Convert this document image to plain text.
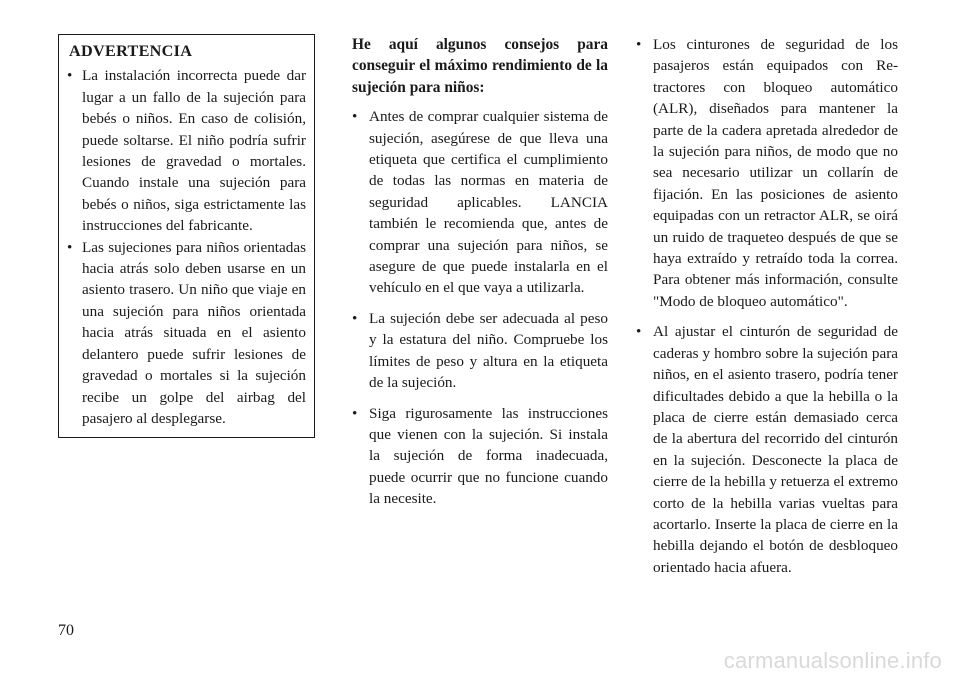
ADVERTENCIA
• La instalación incorrecta puede dar lugar a un fallo de la sujeción para bebés o niños. En caso de colisión, puede soltarse. El niño podría sufrir lesiones de gravedad o mortales. Cuando instale una sujeción para bebés o niños, siga estrictamente las instrucciones del fabricante.
• Las sujeciones para niños orientadas hacia atrás solo deben usarse en un asiento trasero. Un niño que viaje en una sujeción para niños orientada hacia atrás situada en el asiento delantero puede sufrir lesiones de gravedad o mortales si la sujeción recibe un golpe del airbag del pasajero al desplegarse.
He aquí algunos consejos para conseguir el máximo rendimiento de la sujeción para niños:
• Antes de comprar cualquier sistema de sujeción, asegúrese de que lleva una etiqueta que certifica el cumplimiento de todas las normas en materia de seguridad aplicables. LANCIA también le recomienda que, antes de comprar una sujeción para niños, se asegure de que puede instalarla en el vehículo en el que vaya a utilizarla.
• La sujeción debe ser adecuada al peso y la estatura del niño. Compruebe los límites de peso y altura en la etiqueta de la sujeción.
• Siga rigurosamente las instrucciones que vienen con la sujeción. Si instala la sujeción de forma inadecuada, puede ocurrir que no funcione cuando la necesite.
• Los cinturones de seguridad de los pasajeros están equipados con Retractores con bloqueo automático (ALR), diseñados para mantener la parte de la cadera apretada alrededor de la sujeción para niños, de modo que no sea necesario utilizar un collarín de fijación. En las posiciones de asiento equipadas con un retractor ALR, se oirá un ruido de traqueteo después de que se haya extraído y retraído toda la correa. Para obtener más información, consulte "Modo de bloqueo automático".
• Al ajustar el cinturón de seguridad de caderas y hombro sobre la sujeción para niños, en el asiento trasero, podría tener dificultades debido a que la hebilla o la placa de cierre están demasiado cerca de la abertura del recorrido del cinturón en la sujeción. Desconecte la placa de cierre de la hebilla y retuerza el extremo corto de la hebilla varias vueltas para acortarlo. Inserte la placa de cierre en la hebilla dejando el botón de desbloqueo orientado hacia afuera.
70
carmanualsonline.info
